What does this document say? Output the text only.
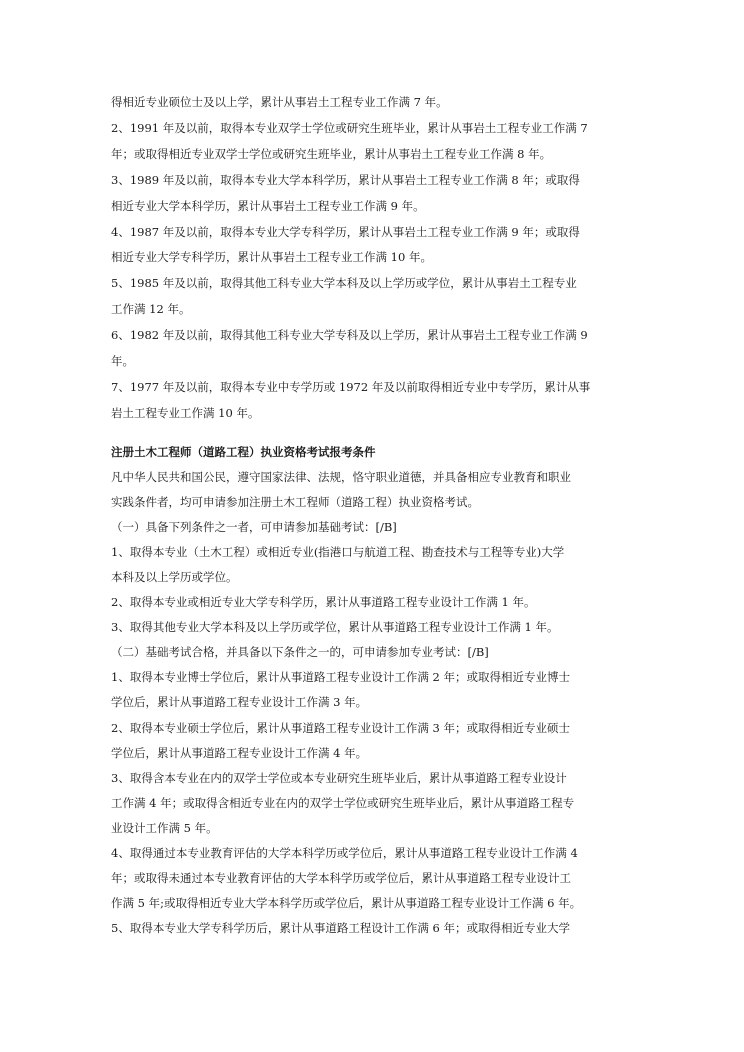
得相近专业硕位士及以上学，累计从事岩土工程专业工作满 7 年。
2、1991 年及以前，取得本专业双学士学位或研究生班毕业，累计从事岩土工程专业工作满 7
年；或取得相近专业双学士学位或研究生班毕业，累计从事岩土工程专业工作满 8 年。
3、1989 年及以前，取得本专业大学本科学历，累计从事岩土工程专业工作满 8 年；或取得
相近专业大学本科学历，累计从事岩土工程专业工作满 9 年。
4、1987 年及以前，取得本专业大学专科学历，累计从事岩土工程专业工作满 9 年；或取得
相近专业大学专科学历，累计从事岩土工程专业工作满 10 年。
5、1985 年及以前，取得其他工科专业大学本科及以上学历或学位，累计从事岩土工程专业
工作满 12 年。
6、1982 年及以前，取得其他工科专业大学专科及以上学历，累计从事岩土工程专业工作满 9
年。
7、1977 年及以前，取得本专业中专学历或 1972 年及以前取得相近专业中专学历，累计从事
岩土工程专业工作满 10 年。
注册土木工程师（道路工程）执业资格考试报考条件
凡中华人民共和国公民，遵守国家法律、法规，恪守职业道德，并具备相应专业教育和职业
实践条件者，均可申请参加注册土木工程师（道路工程）执业资格考试。
（一）具备下列条件之一者，可申请参加基础考试：[/B]
1、取得本专业（土木工程）或相近专业(指港口与航道工程、勘查技术与工程等专业)大学
本科及以上学历或学位。
2、取得本专业或相近专业大学专科学历，累计从事道路工程专业设计工作满 1 年。
3、取得其他专业大学本科及以上学历或学位，累计从事道路工程专业设计工作满 1 年。
（二）基础考试合格，并具备以下条件之一的，可申请参加专业考试：[/B]
1、取得本专业博士学位后，累计从事道路工程专业设计工作满 2 年；或取得相近专业博士
学位后，累计从事道路工程专业设计工作满 3 年。
2、取得本专业硕士学位后，累计从事道路工程专业设计工作满 3 年；或取得相近专业硕士
学位后，累计从事道路工程专业设计工作满 4 年。
3、取得含本专业在内的双学士学位或本专业研究生班毕业后，累计从事道路工程专业设计
工作满 4 年；或取得含相近专业在内的双学士学位或研究生班毕业后，累计从事道路工程专
业设计工作满 5 年。
4、取得通过本专业教育评估的大学本科学历或学位后，累计从事道路工程专业设计工作满 4
年；或取得未通过本专业教育评估的大学本科学历或学位后，累计从事道路工程专业设计工
作满 5 年;或取得相近专业大学本科学历或学位后，累计从事道路工程专业设计工作满 6 年。
5、取得本专业大学专科学历后，累计从事道路工程设计工作满 6 年；或取得相近专业大学
